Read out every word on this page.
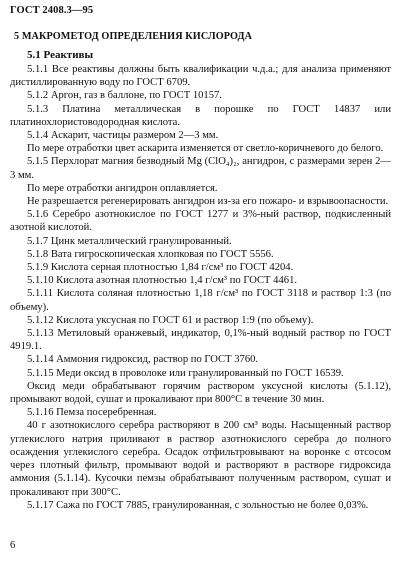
ГОСТ 2408.3—95
5 МАКРОМЕТОД ОПРЕДЕЛЕНИЯ КИСЛОРОДА
5.1 Реактивы

5.1.1 Все реактивы должны быть квалификации ч.д.а.; для анализа применяют дистиллированную воду по ГОСТ 6709.

5.1.2 Аргон, газ в баллоне, по ГОСТ 10157.

5.1.3 Платина металлическая в порошке по ГОСТ 14837 или платинохлористоводородная кислота.

5.1.4 Аскарит, частицы размером 2—3 мм.

По мере отработки цвет аскарита изменяется от светло-коричневого до белого.

5.1.5 Перхлорат магния безводный Mg (ClO₄)₂, ангидрон, с размерами зерен 2—3 мм.

По мере отработки ангидрон оплавляется.

Не разрешается регенерировать ангидрон из-за его пожаро- и взрывоопасности.

5.1.6 Серебро азотнокислое по ГОСТ 1277 и 3%-ный раствор, подкисленный азотной кислотой.

5.1.7 Цинк металлический гранулированный.

5.1.8 Вата гигроскопическая хлопковая по ГОСТ 5556.

5.1.9 Кислота серная плотностью 1,84 г/см³ по ГОСТ 4204.

5.1.10 Кислота азотная плотностью 1,4 г/см³ по ГОСТ 4461.

5.1.11 Кислота соляная плотностью 1,18 г/см³ по ГОСТ 3118 и раствор 1:3 (по объему).

5.1.12 Кислота уксусная по ГОСТ 61 и раствор 1:9 (по объему).

5.1.13 Метиловый оранжевый, индикатор, 0,1%-ный водный раствор по ГОСТ 4919.1.

5.1.14 Аммония гидроксид, раствор по ГОСТ 3760.

5.1.15 Меди оксид в проволоке или гранулированный по ГОСТ 16539.

Оксид меди обрабатывают горячим раствором уксусной кислоты (5.1.12), промывают водой, сушат и прокаливают при 800°C в течение 30 мин.

5.1.16 Пемза посеребренная.

40 г азотнокислого серебра растворяют в 200 см³ воды. Насыщенный раствор углекислого натрия приливают в раствор азотнокислого серебра до полного осаждения углекислого серебра. Осадок отфильтровывают на воронке с отсосом через плотный фильтр, промывают водой и растворяют в растворе гидроксида аммония (5.1.14). Кусочки пемзы обрабатывают полученным раствором, сушат и прокаливают при 300°C.

5.1.17 Сажа по ГОСТ 7885, гранулированная, с зольностью не более 0,03%.

6
